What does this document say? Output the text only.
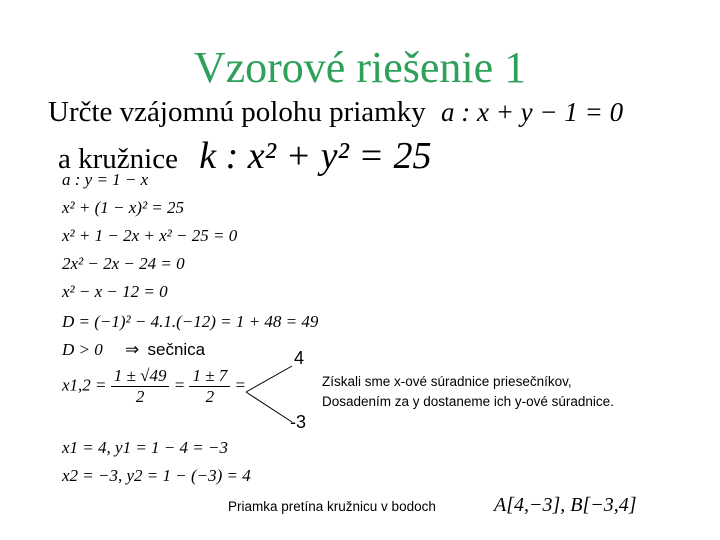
Vzorové riešenie 1
Určte vzájomnú polohu priamky a : x + y − 1 = 0
a kružnice k : x² + y² = 25
a : y = 1 − x
x² + (1 − x)² = 25
x² + 1 − 2x + x² − 25 = 0
2x² − 2x − 24 = 0
x² − x − 12 = 0
D = (−1)² − 4.1.(−12) = 1 + 48 = 49
D > 0 ⇒ sečnica
$x1,2 = \frac{1 \pm √49}{2} = \frac{1 \pm 7}{2}$ =
4
-3
Získali sme x-ové súradnice priesečníkov,
Dosadením za y dostaneme ich y-ové súradnice.
x1 = 4, y1 = 1 − 4 = −3
x2 = −3, y2 = 1 − (−3) = 4
Priamka pretína kružnicu v bodoch	A[4,−3], B[−3,4]
